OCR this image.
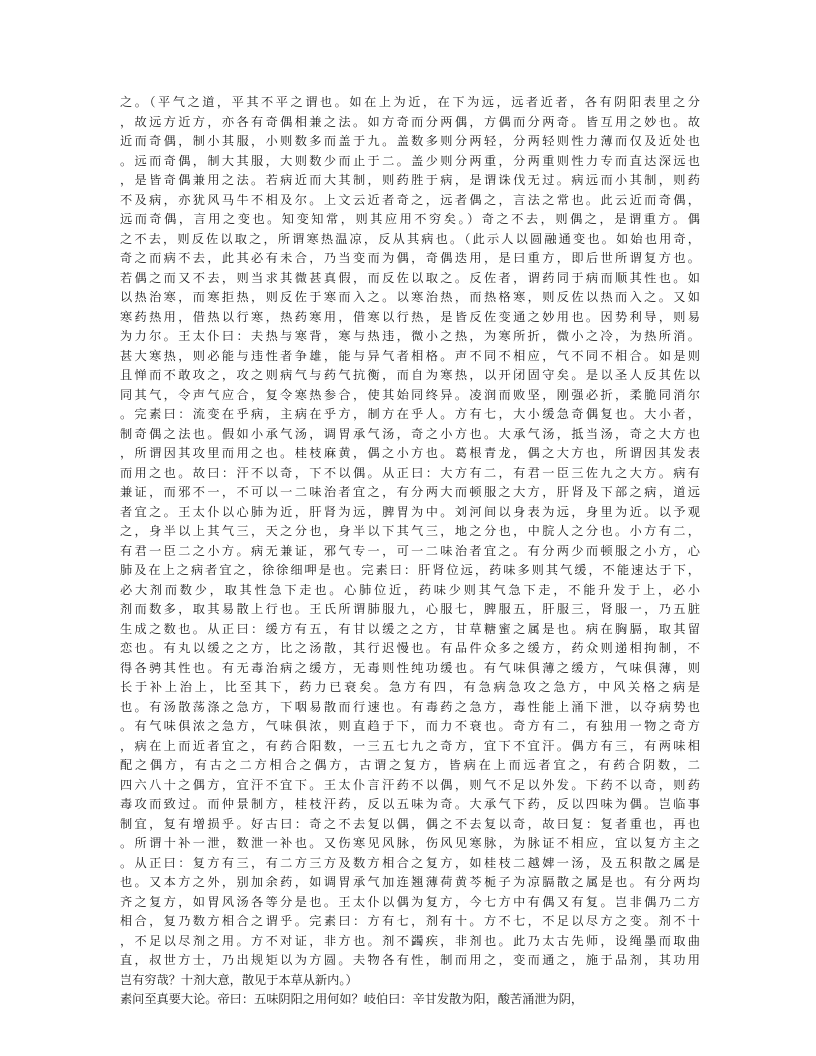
之。（平气之道，平其不平之谓也。如在上为近，在下为远，远者近者，各有阴阳表里之分
，故远方近方，亦各有奇偶相兼之法。如方奇而分两偶，方偶而分两奇。皆互用之妙也。故
近而奇偶，制小其服，小则数多而盖于九。盖数多则分两轻，分两轻则性力薄而仅及近处也
。远而奇偶，制大其服，大则数少而止于二。盖少则分两重，分两重则性力专而直达深远也
，是皆奇偶兼用之法。若病近而大其制，则药胜于病，是谓诛伐无过。病远而小其制，则药
不及病，亦犹风马牛不相及尔。上文云近者奇之，远者偶之，言法之常也。此云近而奇偶，
远而奇偶，言用之变也。知变知常，则其应用不穷矣。）奇之不去，则偶之，是谓重方。偶
之不去，则反佐以取之，所谓寒热温凉，反从其病也。（此示人以圆融通变也。如始也用奇，
奇之而病不去，此其必有未合，乃当变而为偶，奇偶迭用，是曰重方，即后世所谓复方也。
若偶之而又不去，则当求其微甚真假，而反佐以取之。反佐者，谓药同于病而顺其性也。如
以热治寒，而寒拒热，则反佐于寒而入之。以寒治热，而热格寒，则反佐以热而入之。又如
寒药热用，借热以行寒，热药寒用，借寒以行热，是皆反佐变通之妙用也。因势利导，则易
为力尔。王太仆曰：夫热与寒背，寒与热违，微小之热，为寒所折，微小之冷，为热所消。
甚大寒热，则必能与违性者争雄，能与异气者相格。声不同不相应，气不同不相合。如是则
且惮而不敢攻之，攻之则病气与药气抗衡，而自为寒热，以开闭固守矣。是以圣人反其佐以
同其气，令声气应合，复令寒热参合，使其始同终异。凌润而败坚，刚强必折，柔脆同消尔
。完素曰：流变在乎病，主病在乎方，制方在乎人。方有七，大小缓急奇偶复也。大小者，
制奇偶之法也。假如小承气汤，调胃承气汤，奇之小方也。大承气汤，抵当汤，奇之大方也
，所谓因其攻里而用之也。桂枝麻黄，偶之小方也。葛根青龙，偶之大方也，所谓因其发表
而用之也。故曰：汗不以奇，下不以偶。从正曰：大方有二，有君一臣三佐九之大方。病有
兼证，而邪不一，不可以一二味治者宜之，有分两大而顿服之大方，肝肾及下部之病，道远
者宜之。王太仆以心肺为近，肝肾为远，脾胃为中。刘河间以身表为远，身里为近。以予观
之，身半以上其气三，天之分也，身半以下其气三，地之分也，中脘人之分也。小方有二，
有君一臣二之小方。病无兼证，邪气专一，可一二味治者宜之。有分两少而顿服之小方，心
肺及在上之病者宜之，徐徐细呷是也。完素曰：肝肾位远，药味多则其气缓，不能速达于下，
必大剂而数少，取其性急下走也。心肺位近，药味少则其气急下走，不能升发于上，必小
剂而数多，取其易散上行也。王氏所谓肺服九，心服七，脾服五，肝服三，肾服一，乃五脏
生成之数也。从正曰：缓方有五，有甘以缓之之方，甘草糖蜜之属是也。病在胸膈，取其留
恋也。有丸以缓之之方，比之汤散，其行迟慢也。有品件众多之缓方，药众则递相拘制，不
得各骋其性也。有无毒治病之缓方，无毒则性纯功缓也。有气味俱薄之缓方，气味俱薄，则
长于补上治上，比至其下，药力已衰矣。急方有四，有急病急攻之急方，中风关格之病是
也。有汤散荡涤之急方，下咽易散而行速也。有毒药之急方，毒性能上涌下泄，以夺病势也
。有气味俱浓之急方，气味俱浓，则直趋于下，而力不衰也。奇方有二，有独用一物之奇方
，病在上而近者宜之，有药合阳数，一三五七九之奇方，宜下不宜汗。偶方有三，有两味相
配之偶方，有古之二方相合之偶方，古谓之复方，皆病在上而远者宜之，有药合阴数，二
四六八十之偶方，宜汗不宜下。王太仆言汗药不以偶，则气不足以外发。下药不以奇，则药
毒攻而致过。而仲景制方，桂枝汗药，反以五味为奇。大承气下药，反以四味为偶。岂临事
制宜，复有增损乎。好古曰：奇之不去复以偶，偶之不去复以奇，故曰复：复者重也，再也
。所谓十补一泄，数泄一补也。又伤寒见风脉，伤风见寒脉，为脉证不相应，宜以复方主之
。从正曰：复方有三，有二方三方及数方相合之复方，如桂枝二越婢一汤，及五积散之属是
也。又本方之外，别加余药，如调胃承气加连翘薄荷黄芩栀子为凉膈散之属是也。有分两均
齐之复方，如胃风汤各等分是也。王太仆以偶为复方，今七方中有偶又有复。岂非偶乃二方
相合，复乃数方相合之谓乎。完素曰：方有七，剂有十。方不七，不足以尽方之变。剂不十
，不足以尽剂之用。方不对证，非方也。剂不蠲疾，非剂也。此乃太古先师，设绳墨而取曲
直，叔世方士，乃出规矩以为方圆。夫物各有性，制而用之，变而通之，施于品剂，其功用
岂有穷哉？十剂大意，散见于本草从新内。）
素问至真要大论。帝曰：五味阴阳之用何如？岐伯曰：辛甘发散为阳，酸苦涌泄为阴，
